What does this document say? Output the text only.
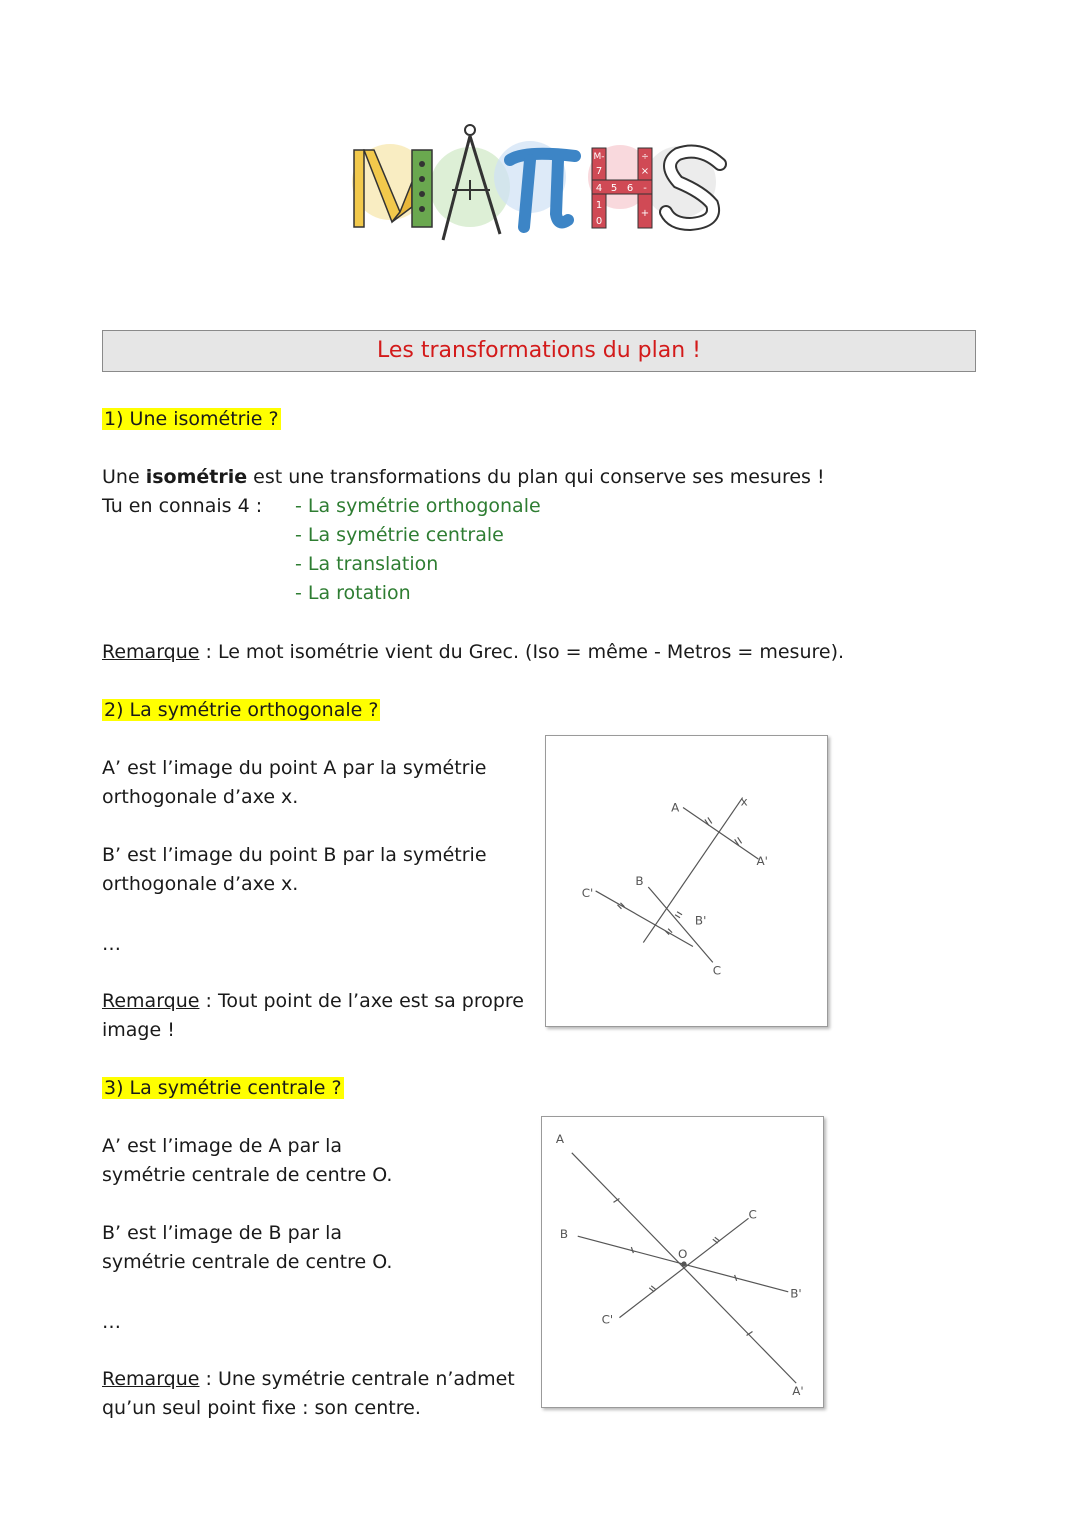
M-	÷
7	×
4 5 6 -
1
0
+
Les transformations du plan !
1) Une isométrie ?
Une isométrie est une transformations du plan qui conserve ses mesures !
Tu en connais 4 : - La symétrie orthogonale
- La symétrie centrale
- La translation
- La rotation
Remarque : Le mot isométrie vient du Grec. (Iso = même - Metros = mesure).
2) La symétrie orthogonale ?
A’ est l’image du point A par la symétrie
orthogonale d’axe x.
B’ est l’image du point B par la symétrie
orthogonale d’axe x.
…
Remarque : Tout point de l’axe est sa propre
image !
A	x
A'
B
B'
C'
C
3) La symétrie centrale ?
A’ est l’image de A par la
symétrie centrale de centre O.
B’ est l’image de B par la
symétrie centrale de centre O.
…
Remarque : Une symétrie centrale n’admet
qu’un seul point fixe : son centre.
A
B
O
C
B'
C'
A'
